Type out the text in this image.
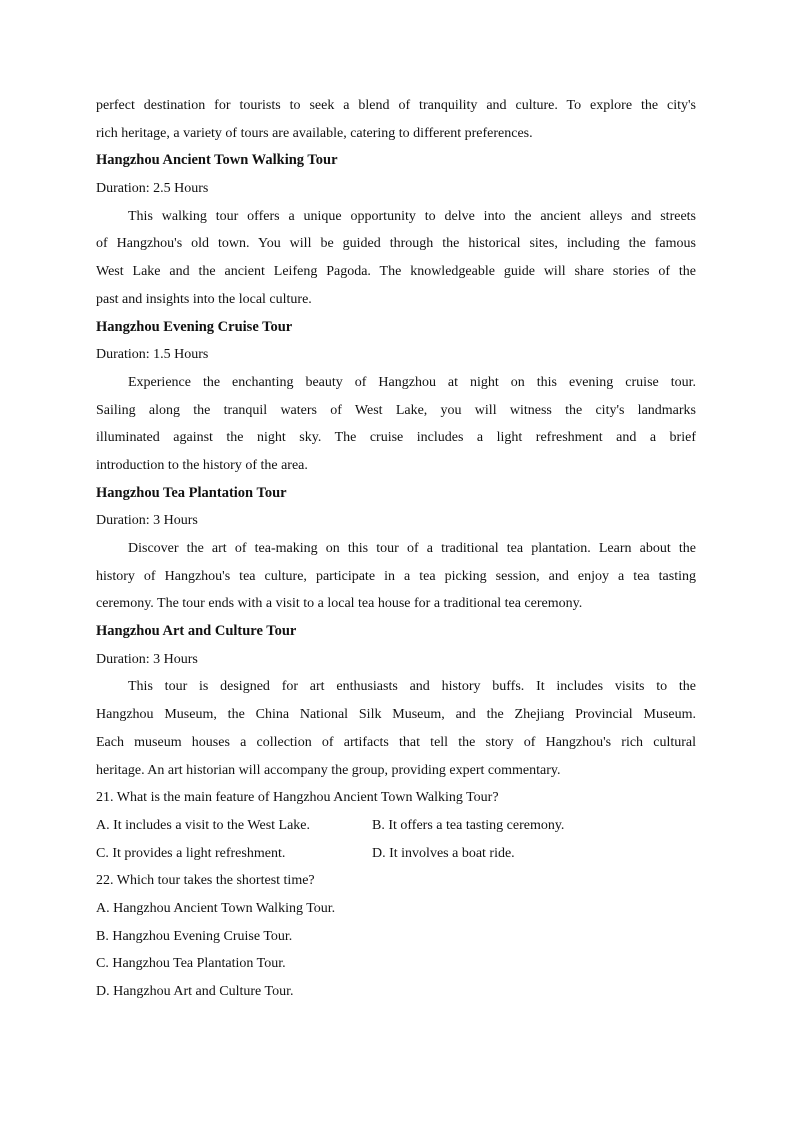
perfect destination for tourists to seek a blend of tranquility and culture. To explore the city's

rich heritage, a variety of tours are available, catering to different preferences.

Hangzhou Ancient Town Walking Tour

Duration: 2.5 Hours

This walking tour offers a unique opportunity to delve into the ancient alleys and streets

of Hangzhou's old town. You will be guided through the historical sites, including the famous

West Lake and the ancient Leifeng Pagoda. The knowledgeable guide will share stories of the

past and insights into the local culture.

Hangzhou Evening Cruise Tour

Duration: 1.5 Hours

Experience the enchanting beauty of Hangzhou at night on this evening cruise tour.

Sailing along the tranquil waters of West Lake, you will witness the city's landmarks

illuminated against the night sky. The cruise includes a light refreshment and a brief

introduction to the history of the area.

Hangzhou Tea Plantation Tour

Duration: 3 Hours

Discover the art of tea-making on this tour of a traditional tea plantation. Learn about the

history of Hangzhou's tea culture, participate in a tea picking session, and enjoy a tea tasting

ceremony. The tour ends with a visit to a local tea house for a traditional tea ceremony.

Hangzhou Art and Culture Tour

Duration: 3 Hours

This tour is designed for art enthusiasts and history buffs. It includes visits to the

Hangzhou Museum, the China National Silk Museum, and the Zhejiang Provincial Museum.

Each museum houses a collection of artifacts that tell the story of Hangzhou's rich cultural

heritage. An art historian will accompany the group, providing expert commentary.

21. What is the main feature of Hangzhou Ancient Town Walking Tour?

A. It includes a visit to the West Lake.	B. It offers a tea tasting ceremony.
C. It provides a light refreshment.	D. It involves a boat ride.

22. Which tour takes the shortest time?

A. Hangzhou Ancient Town Walking Tour.

B. Hangzhou Evening Cruise Tour.

C. Hangzhou Tea Plantation Tour.

D. Hangzhou Art and Culture Tour.
